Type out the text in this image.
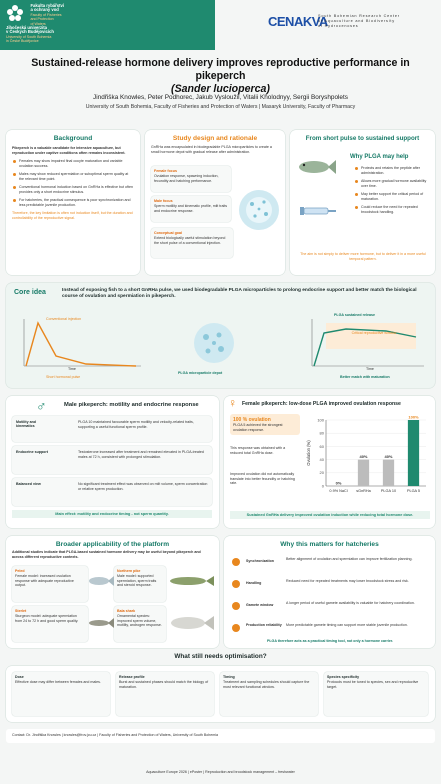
Fakulta rybářství
a ochrany vod
Faculty of Fisheries
and Protection
of Waters

Jihočeská univerzita
v Českých Budějovicích
University of South Bohemia
in České Budějovice
CENAKVA
South Bohemian Research Center
of Aquaculture and Biodiversity
of Hydrocenoses
Sustained-release hormone delivery improves reproductive performance in pikeperch
(Sander lucioperca)
Jindřiška Knowles, Peter Podhorec, Jakub Vysloužil, Vitalii Kholodnyy, Sergii Boryshpolets
University of South Bohemia, Faculty of Fisheries and Protection of Waters | Masaryk University, Faculty of Pharmacy
Background

Pikeperch is a valuable candidate for intensive aquaculture, but reproduction under captive conditions often remains inconsistent.

Females may show impaired final oocyte maturation and variable ovulation success.
Males may show reduced spermiation or suboptimal sperm quality at the relevant time point.
Conventional hormonal induction based on GnRHa is effective but often provides only a short endocrine stimulus.
For hatcheries, the practical consequence is poor synchronization and less predictable juvenile production.

Therefore, the key limitation is often not induction itself, but the duration and controllability of the reproductive signal.

Study design and rationale
GnRHa was encapsulated in biodegradable PLGA microparticles to create a small hormone depot with gradual release after administration.
Female focus
Ovulation response, spawning induction, fecundity and hatching performance.
Male focus
Sperm motility and kinematic profile, milt traits and endocrine response.
Conceptual goal
Extend biologically useful stimulation beyond the short pulse of a conventional injection.
From short pulse to sustained support
Why PLGA may help
Protects and retains the peptide after administration.
Allows more gradual hormone availability over time.
May better support the critical period of maturation.
Could reduce the need for repeated broodstock handling.
The aim is not simply to deliver more hormone, but to deliver it in a more useful temporal pattern.
Core idea	Instead of exposing fish to a short GnRHa pulse, we used biodegradable PLGA microparticles to prolong endocrine support and better match the biological course of ovulation and spermiation in pikeperch.
Conventional injection
Time
Short hormonal pulse
PLGA microparticle depot
PLGA sustained release
Critical reproductive window
Time
Better match with maturation
♂	Male pikeperch: motility and endocrine response
Motility and kinematics
PLGA 10 maintained favourable sperm motility and velocity-related traits, supporting a useful functional sperm profile.
Endocrine support	Testosterone increased after treatment and remained elevated in PLGA-treated males at 72 h, consistent with prolonged stimulation.
Balanced view	No significant treatment effect was observed on milt volume, sperm concentration or relative sperm production.
Main effect: motility and endocrine timing - not sperm quantity.
♀ Female pikeperch: low-dose PLGA improved ovulation response
100 % ovulation
PLGA 5 achieved the strongest ovulation response.
This response was obtained with a reduced total GnRHa dose.
Improved ovulation did not automatically translate into better fecundity or hatching rate.
0
20
40
60
80
100
Ovulation (%)
0%
0.9% NaCl
40%
sGnRHa
40%
PLGA 10
100%
PLGA 5
Sustained GnRHa delivery improved ovulation induction while reducing total hormone dose.
Broader applicability of the platform
Additional studies indicate that PLGA-based sustained hormone delivery may be useful beyond pikeperch and across different reproductive contexts.
Peled
Female model: increased ovulation response with adequate reproductive output.
Sterlet
Sturgeon model: adequate spermiation from 24 to 72 h and good sperm quality.
Northern pike
Male model: supported spermiation, sperm traits and steroid response.
Bala shark
Ornamental species: improved sperm volume, motility, androgen response.
Why this matters for hatcheries
Synchronization	Better alignment of ovulation and spermiation can improve fertilization planning.
Handling	Reduced need for repeated treatments may lower broodstock stress and risk.
Gamete window	A longer period of useful gamete availability is valuable for hatchery coordination.
Production reliability	More predictable gamete timing can support more stable juvenile production.
PLGA therefore acts as a practical timing tool, not only a hormone carrier.
What still needs optimisation?
Dose
Effective dose may differ between females and males.
Release profile
Burst and sustained phases should match the biology of maturation.
Timing
Treatment and sampling schedules should capture the most relevant functional window.
Species specificity
Protocols must be tuned to species, sex and reproductive target.
Contact: Dr. Jindřiška Knowles | knowles@frov.jcu.cz | Faculty of Fisheries and Protection of Waters, University of South Bohemia
Aquaculture Europe 2026 | ePoster | Reproduction and broodstock management – freshwater
